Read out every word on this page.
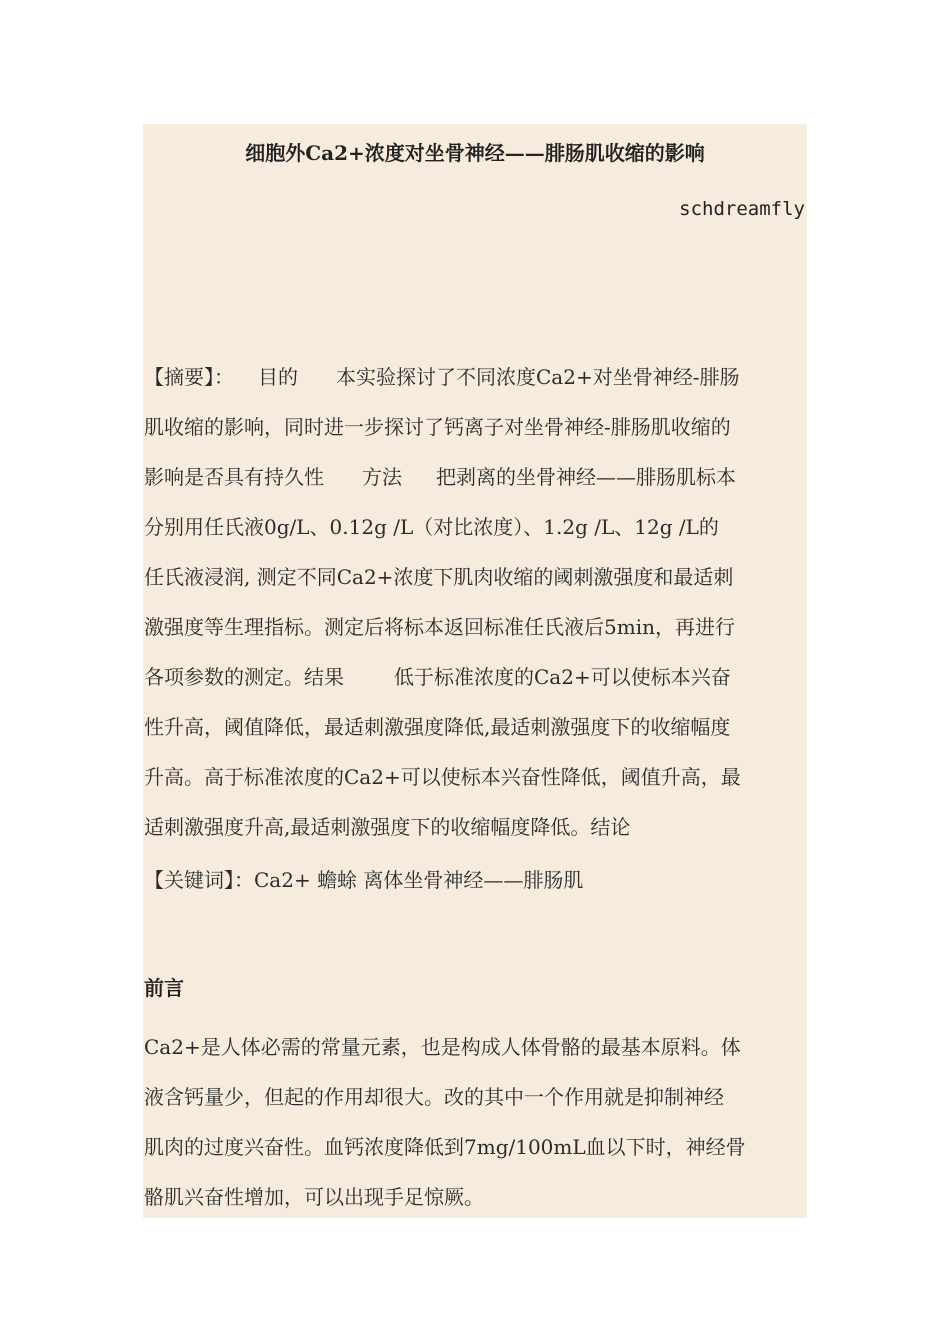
细胞外Ca2+浓度对坐骨神经——腓肠肌收缩的影响
schdreamfly
【摘要】： 目的 本实验探讨了不同浓度Ca2+对坐骨神经-腓肠
肌收缩的影响，同时进一步探讨了钙离子对坐骨神经-腓肠肌收缩的
影响是否具有持久性 方法 把剥离的坐骨神经——腓肠肌标本
分别用任氏液0g/L、0.12g /L（对比浓度）、1.2g /L、12g /L的
任氏液浸润, 测定不同Ca2+浓度下肌肉收缩的阈刺激强度和最适刺
激强度等生理指标。测定后将标本返回标准任氏液后5min，再进行
各项参数的测定。结果	低于标准浓度的Ca2+可以使标本兴奋
性升高，阈值降低，最适刺激强度降低,最适刺激强度下的收缩幅度
升高。高于标准浓度的Ca2+可以使标本兴奋性降低，阈值升高，最
适刺激强度升高,最适刺激强度下的收缩幅度降低。结论
【关键词】：Ca2+ 蟾蜍 离体坐骨神经——腓肠肌
前言
Ca2+是人体必需的常量元素，也是构成人体骨骼的最基本原料。体
液含钙量少，但起的作用却很大。改的其中一个作用就是抑制神经
肌肉的过度兴奋性。血钙浓度降低到7mg/100mL血以下时，神经骨
骼肌兴奋性增加，可以出现手足惊厥。
